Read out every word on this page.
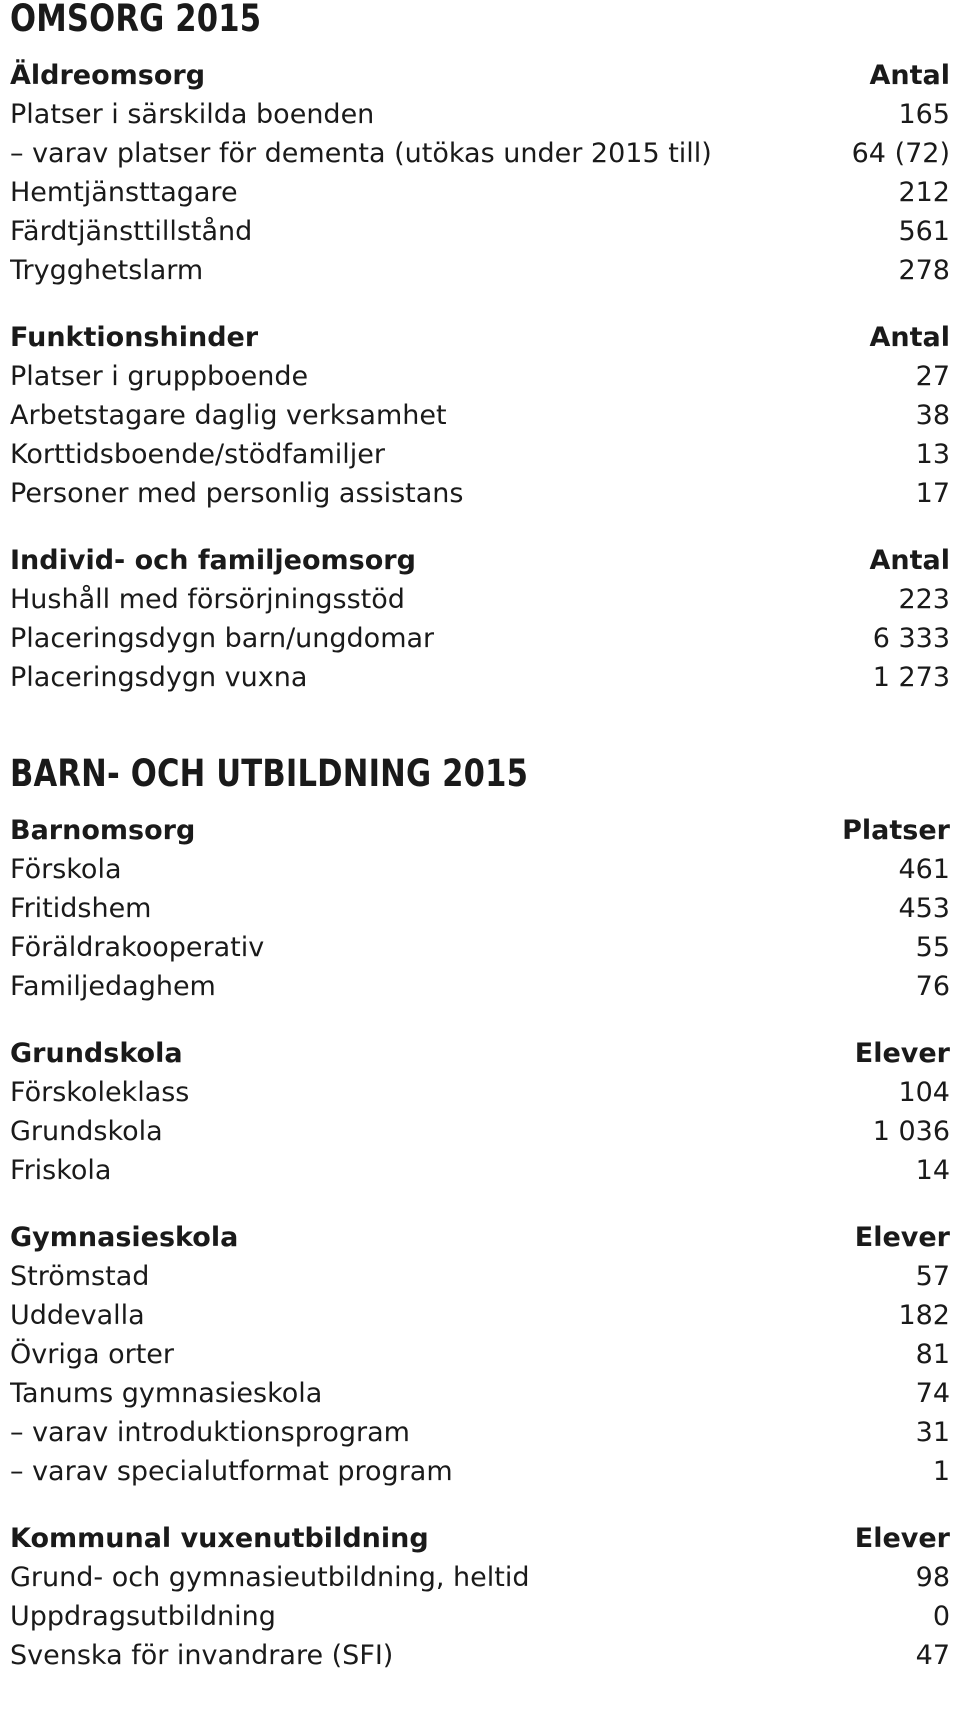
OMSORG 2015
Äldreomsorg	Antal
Platser i särskilda boenden	165
– varav platser för dementa (utökas under 2015 till)	64 (72)
Hemtjänsttagare	212
Färdtjänsttillstånd	561
Trygghetslarm	278
Funktionshinder	Antal
Platser i gruppboende	27
Arbetstagare daglig verksamhet	38
Korttidsboende/stödfamiljer	13
Personer med personlig assistans	17
Individ- och familjeomsorg	Antal
Hushåll med försörjningsstöd	223
Placeringsdygn barn/ungdomar	6 333
Placeringsdygn vuxna	1 273
BARN- OCH UTBILDNING 2015
Barnomsorg	Platser
Förskola	461
Fritidshem	453
Föräldrakooperativ	55
Familjedaghem	76
Grundskola	Elever
Förskoleklass	104
Grundskola	1 036
Friskola	14
Gymnasieskola	Elever
Strömstad	57
Uddevalla	182
Övriga orter	81
Tanums gymnasieskola	74
– varav introduktionsprogram	31
– varav specialutformat program	1
Kommunal vuxenutbildning	Elever
Grund- och gymnasieutbildning, heltid	98
Uppdragsutbildning	0
Svenska för invandrare (SFI)	47
